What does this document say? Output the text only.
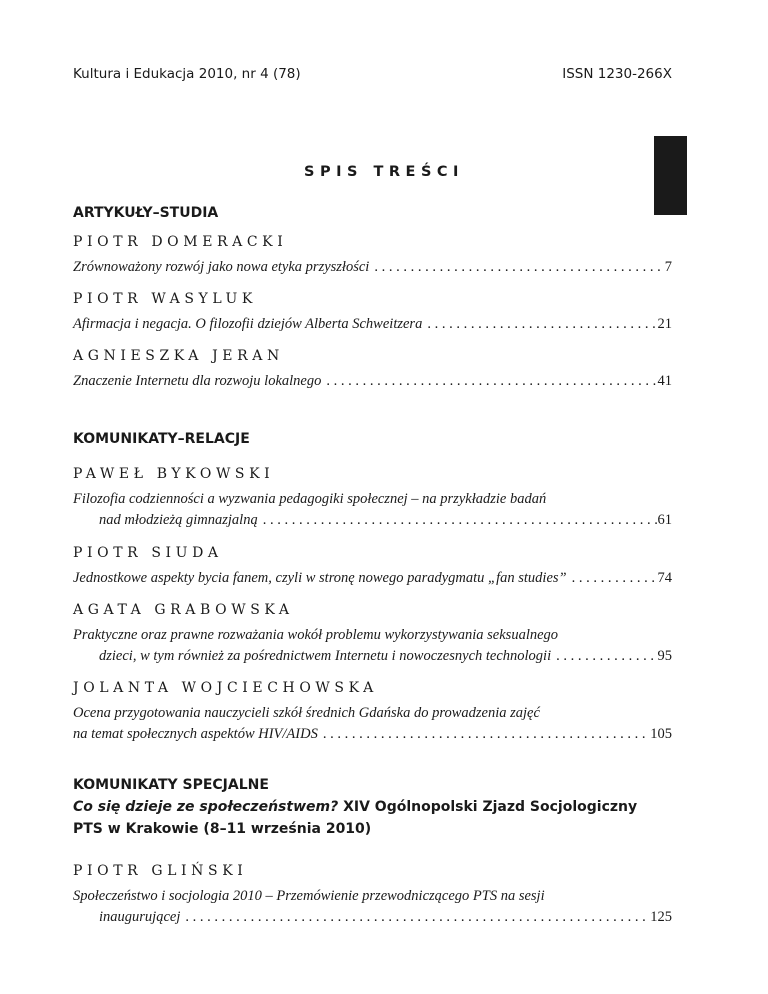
Kultura i Edukacja 2010, nr 4 (78)	ISSN 1230-266X
SPIS TREŚCI
ARTYKUŁY–STUDIA
PIOTR DOMERACKI
Zrównoważony rozwój jako nowa etyka przyszłości . . .	7
PIOTR WASYLUK
Afirmacja i negacja. O filozofii dziejów Alberta Schweitzera . . .	21
AGNIESZKA JERAN
Znaczenie Internetu dla rozwoju lokalnego . . .	41
KOMUNIKATY–RELACJE
PAWEŁ BYKOWSKI
Filozofia codzienności a wyzwania pedagogiki społecznej – na przykładzie badań
nad młodzieżą gimnazjalną . . .	61
PIOTR SIUDA
Jednostkowe aspekty bycia fanem, czyli w stronę nowego paradygmatu „fan studies” . . .	74
AGATA GRABOWSKA
Praktyczne oraz prawne rozważania wokół problemu wykorzystywania seksualnego
dzieci, w tym również za pośrednictwem Internetu i nowoczesnych technologii . . .	95
JOLANTA WOJCIECHOWSKA
Ocena przygotowania nauczycieli szkół średnich Gdańska do prowadzenia zajęć
na temat społecznych aspektów HIV/AIDS . . .	105
KOMUNIKATY SPECJALNE
Co się dzieje ze społeczeństwem? XIV Ogólnopolski Zjazd Socjologiczny
PTS w Krakowie (8–11 września 2010)
PIOTR GLIŃSKI
Społeczeństwo i socjologia 2010 – Przemówienie przewodniczącego PTS na sesji
inaugurującej . . .	125
